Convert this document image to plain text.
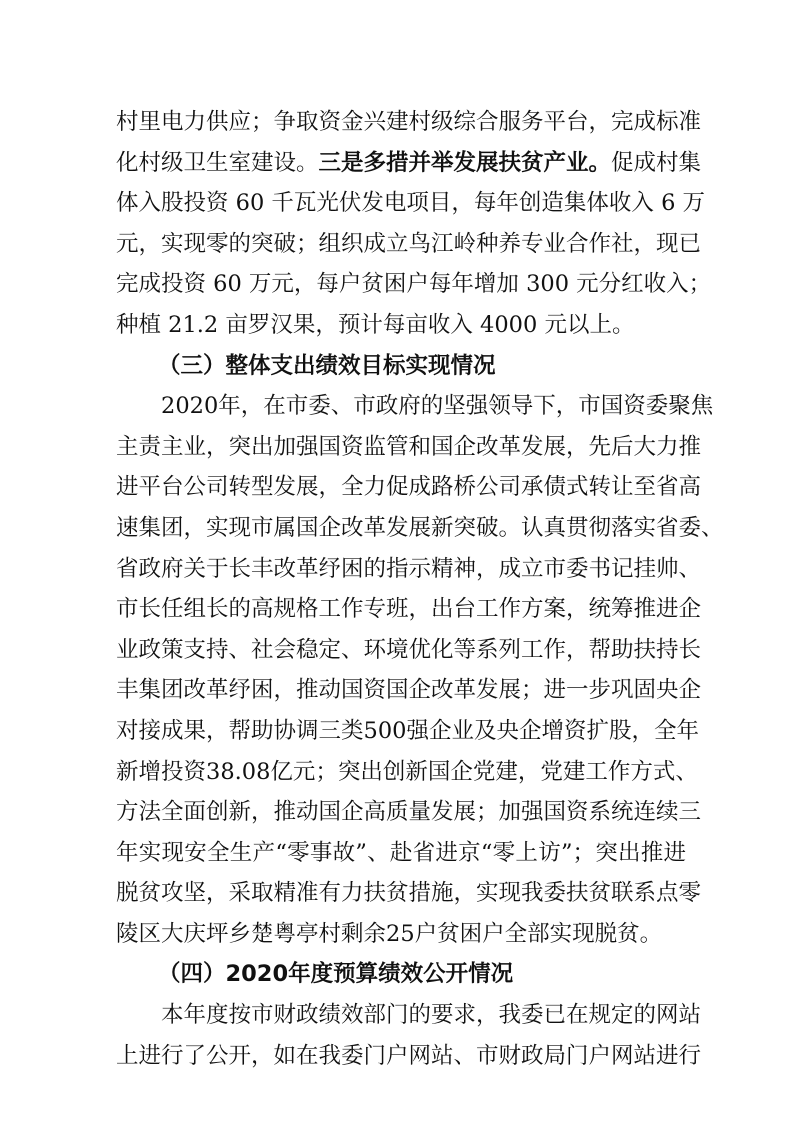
村里电力供应；争取资金兴建村级综合服务平台，完成标准
化村级卫生室建设。三是多措并举发展扶贫产业。促成村集
体入股投资 60 千瓦光伏发电项目，每年创造集体收入 6 万
元，实现零的突破；组织成立鸟江岭种养专业合作社，现已
完成投资 60 万元，每户贫困户每年增加 300 元分红收入；
种植 21.2 亩罗汉果，预计每亩收入 4000 元以上。
（三）整体支出绩效目标实现情况
2020年，在市委、市政府的坚强领导下，市国资委聚焦
主责主业，突出加强国资监管和国企改革发展，先后大力推
进平台公司转型发展，全力促成路桥公司承债式转让至省高
速集团，实现市属国企改革发展新突破。认真贯彻落实省委、
省政府关于长丰改革纾困的指示精神，成立市委书记挂帅、
市长任组长的高规格工作专班，出台工作方案，统筹推进企
业政策支持、社会稳定、环境优化等系列工作，帮助扶持长
丰集团改革纾困，推动国资国企改革发展；进一步巩固央企
对接成果，帮助协调三类500强企业及央企增资扩股，全年
新增投资38.08亿元；突出创新国企党建，党建工作方式、
方法全面创新，推动国企高质量发展；加强国资系统连续三
年实现安全生产“零事故”、赴省进京“零上访”；突出推进
脱贫攻坚，采取精准有力扶贫措施，实现我委扶贫联系点零
陵区大庆坪乡楚粤亭村剩余25户贫困户全部实现脱贫。
（四）2020年度预算绩效公开情况
本年度按市财政绩效部门的要求，我委已在规定的网站
上进行了公开，如在我委门户网站、市财政局门户网站进行
